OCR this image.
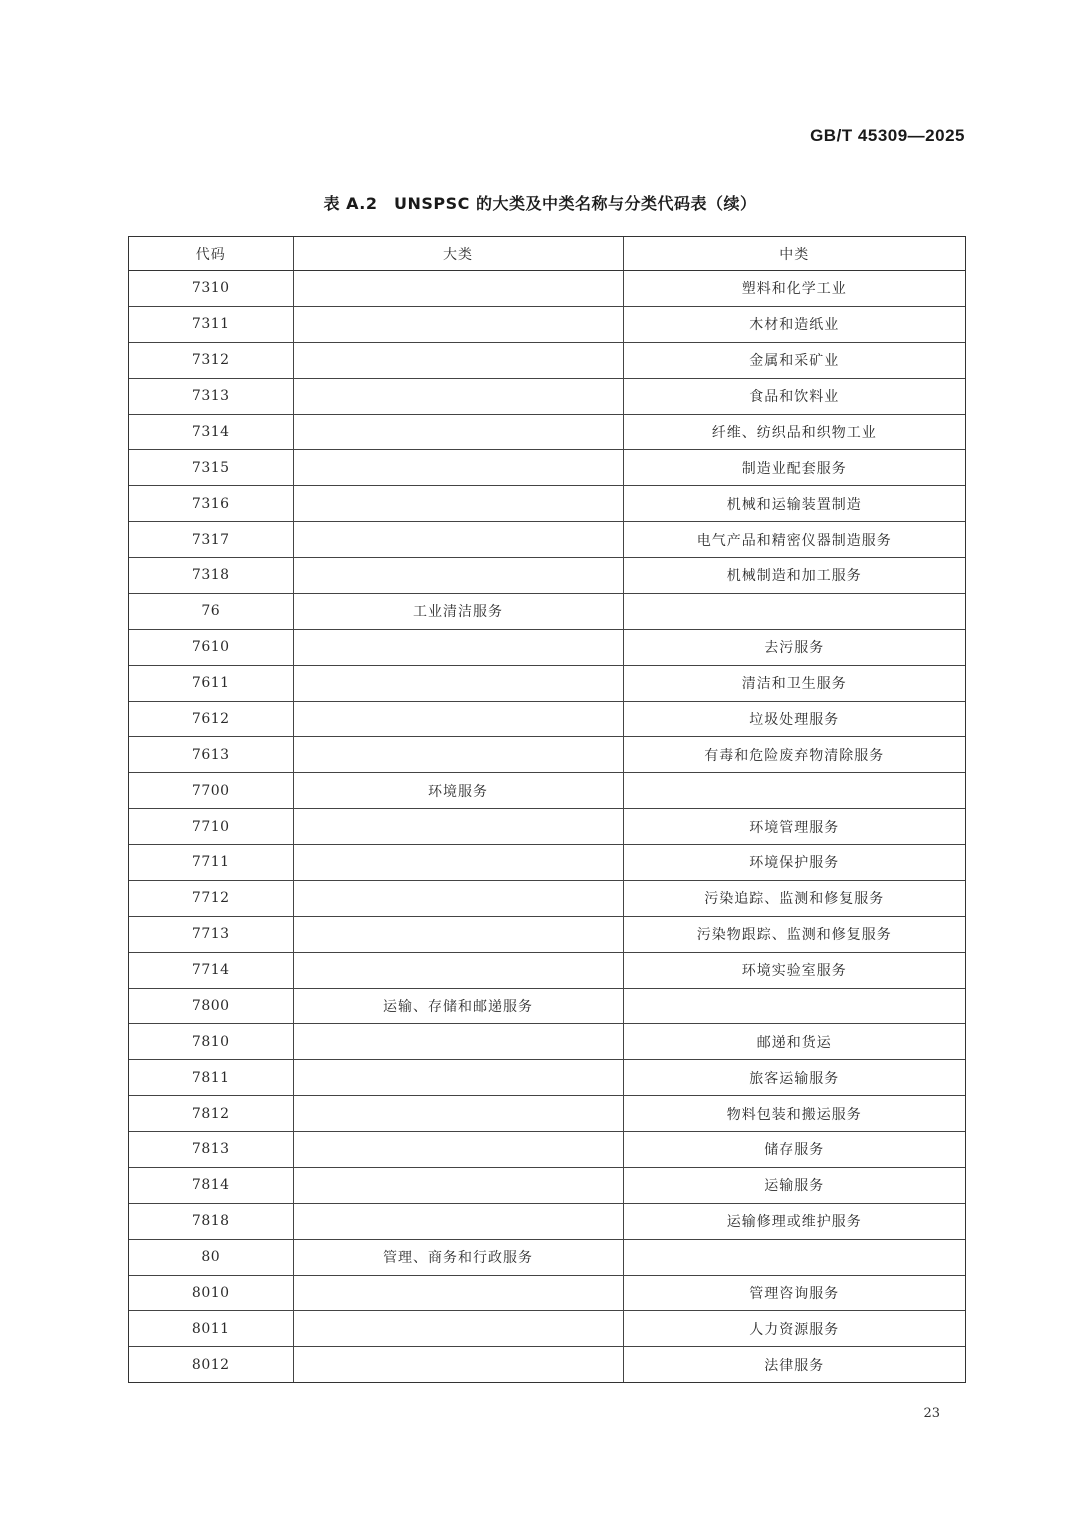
GB/T 45309—2025
表 A.2　UNSPSC 的大类及中类名称与分类代码表（续）
代码	大类	中类
7310		塑料和化学工业
7311		木材和造纸业
7312		金属和采矿业
7313		食品和饮料业
7314		纤维、纺织品和织物工业
7315		制造业配套服务
7316		机械和运输装置制造
7317		电气产品和精密仪器制造服务
7318		机械制造和加工服务
76	工业清洁服务	
7610		去污服务
7611		清洁和卫生服务
7612		垃圾处理服务
7613		有毒和危险废弃物清除服务
7700	环境服务	
7710		环境管理服务
7711		环境保护服务
7712		污染追踪、监测和修复服务
7713		污染物跟踪、监测和修复服务
7714		环境实验室服务
7800	运输、存储和邮递服务	
7810		邮递和货运
7811		旅客运输服务
7812		物料包装和搬运服务
7813		储存服务
7814		运输服务
7818		运输修理或维护服务
80	管理、商务和行政服务	
8010		管理咨询服务
8011		人力资源服务
8012		法律服务
23
